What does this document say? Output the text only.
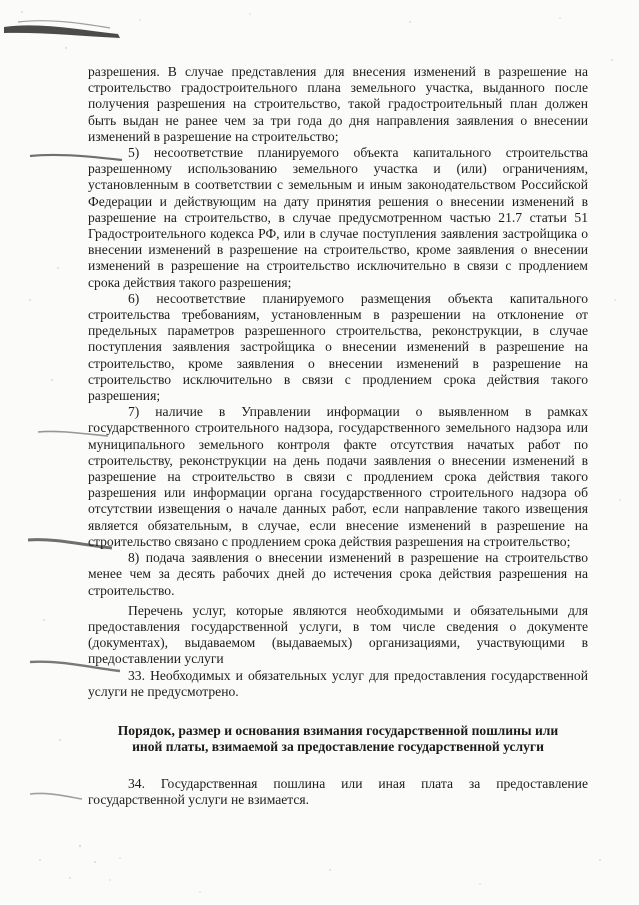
разрешения. В случае представления для внесения изменений в разрешение на строительство градостроительного плана земельного участка, выданного после получения разрешения на строительство, такой градостроительный план должен быть выдан не ранее чем за три года до дня направления заявления о внесении изменений в разрешение на строительство;

5) несоответствие планируемого объекта капитального строительства разрешенному использованию земельного участка и (или) ограничениям, установленным в соответствии с земельным и иным законодательством Российской Федерации и действующим на дату принятия решения о внесении изменений в разрешение на строительство, в случае предусмотренном частью 21.7 статьи 51 Градостроительного кодекса РФ, или в случае поступления заявления застройщика о внесении изменений в разрешение на строительство, кроме заявления о внесении изменений в разрешение на строительство исключительно в связи с продлением срока действия такого разрешения;

6) несоответствие планируемого размещения объекта капитального строительства требованиям, установленным в разрешении на отклонение от предельных параметров разрешенного строительства, реконструкции, в случае поступления заявления застройщика о внесении изменений в разрешение на строительство, кроме заявления о внесении изменений в разрешение на строительство исключительно в связи с продлением срока действия такого разрешения;

7) наличие в Управлении информации о выявленном в рамках государственного строительного надзора, государственного земельного надзора или муниципального земельного контроля факте отсутствия начатых работ по строительству, реконструкции на день подачи заявления о внесении изменений в разрешение на строительство в связи с продлением срока действия такого разрешения или информации органа государственного строительного надзора об отсутствии извещения о начале данных работ, если направление такого извещения является обязательным, в случае, если внесение изменений в разрешение на строительство связано с продлением срока действия разрешения на строительство;

8) подача заявления о внесении изменений в разрешение на строительство менее чем за десять рабочих дней до истечения срока действия разрешения на строительство.

Перечень услуг, которые являются необходимыми и обязательными для предоставления государственной услуги, в том числе сведения о документе (документах), выдаваемом (выдаваемых) организациями, участвующими в предоставлении услуги

33. Необходимых и обязательных услуг для предоставления государственной услуги не предусмотрено.

Порядок, размер и основания взимания государственной пошлины или иной платы, взимаемой за предоставление государственной услуги

34. Государственная пошлина или иная плата за предоставление государственной услуги не взимается.
